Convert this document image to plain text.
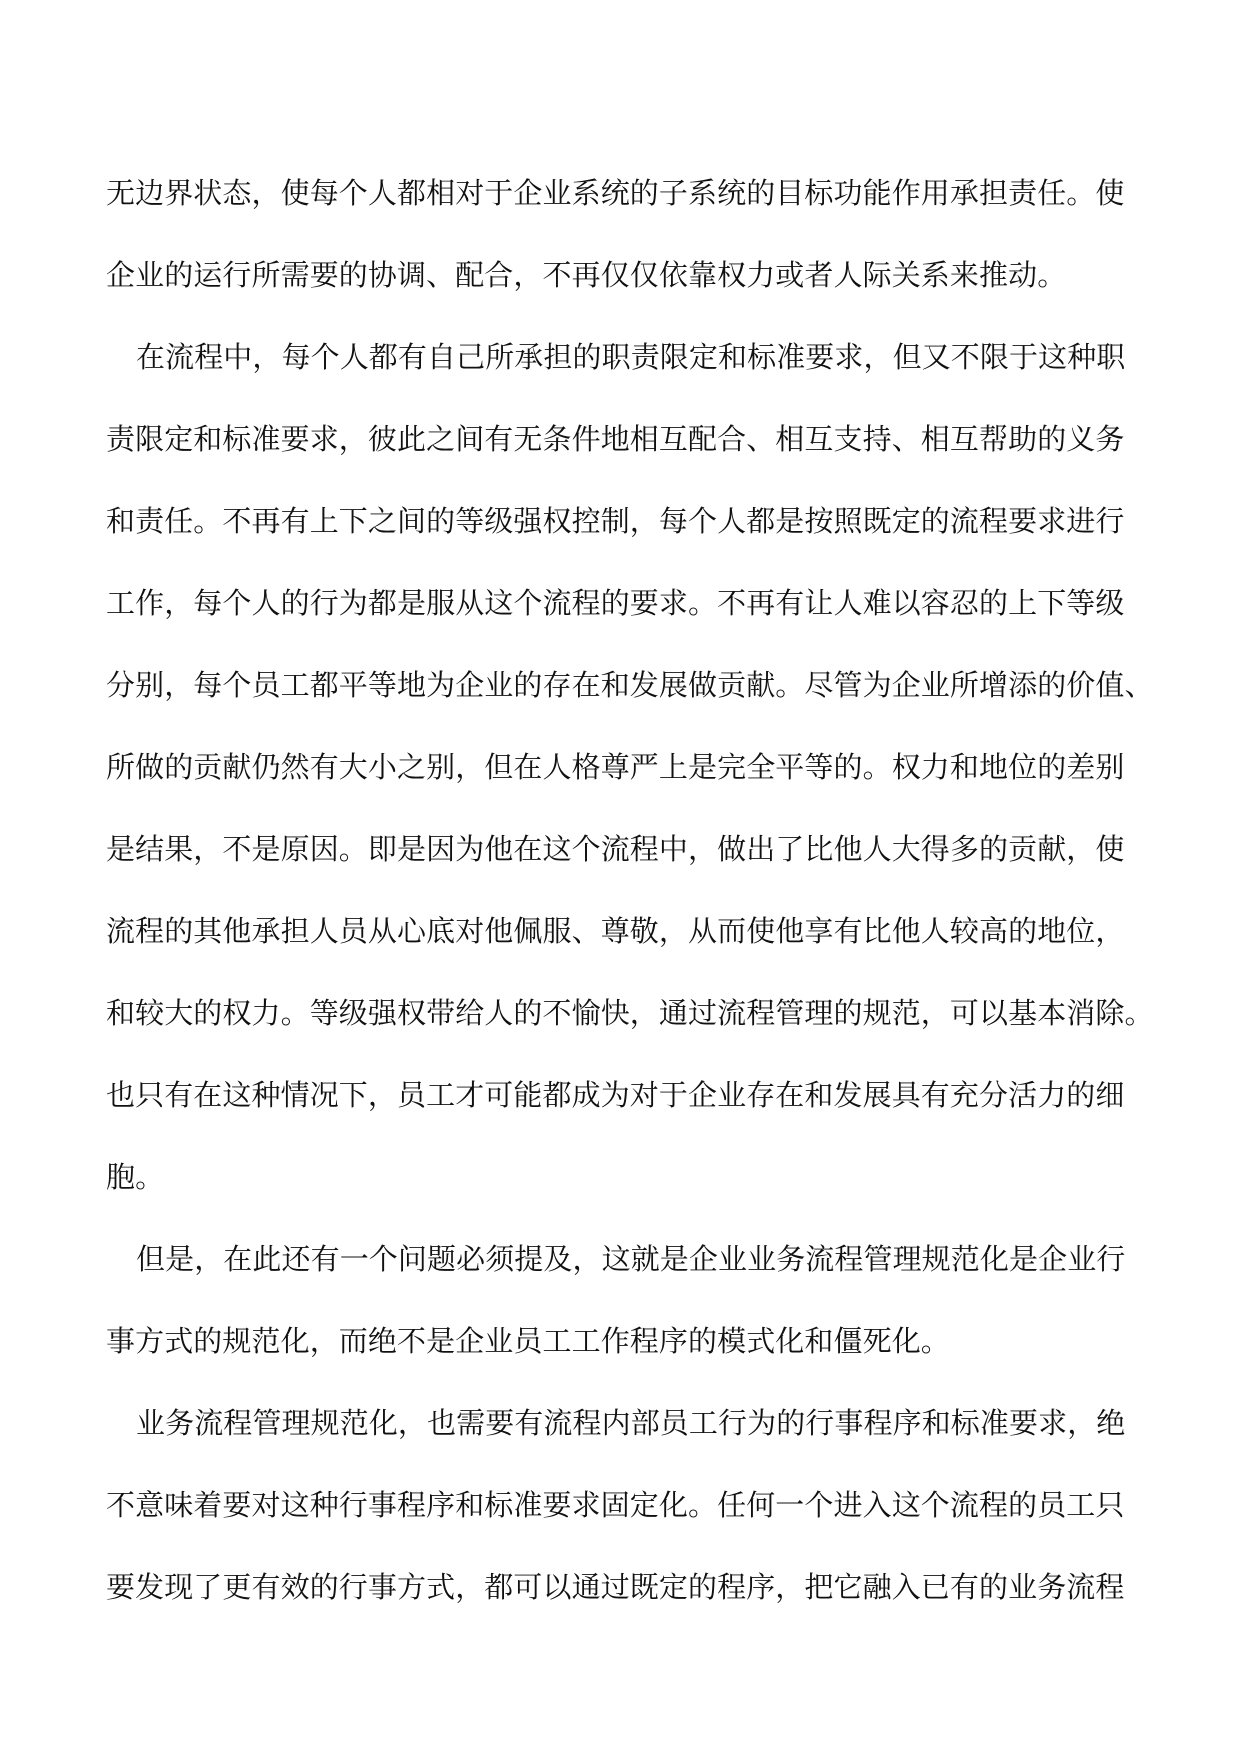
无边界状态，使每个人都相对于企业系统的子系统的目标功能作用承担责任。使
企业的运行所需要的协调、配合，不再仅仅依靠权力或者人际关系来推动。
在流程中，每个人都有自己所承担的职责限定和标准要求，但又不限于这种职
责限定和标准要求，彼此之间有无条件地相互配合、相互支持、相互帮助的义务
和责任。不再有上下之间的等级强权控制，每个人都是按照既定的流程要求进行
工作，每个人的行为都是服从这个流程的要求。不再有让人难以容忍的上下等级
分别，每个员工都平等地为企业的存在和发展做贡献。尽管为企业所增添的价值、
所做的贡献仍然有大小之别，但在人格尊严上是完全平等的。权力和地位的差别
是结果，不是原因。即是因为他在这个流程中，做出了比他人大得多的贡献，使
流程的其他承担人员从心底对他佩服、尊敬，从而使他享有比他人较高的地位，
和较大的权力。等级强权带给人的不愉快，通过流程管理的规范，可以基本消除。
也只有在这种情况下，员工才可能都成为对于企业存在和发展具有充分活力的细
胞。
但是，在此还有一个问题必须提及，这就是企业业务流程管理规范化是企业行
事方式的规范化，而绝不是企业员工工作程序的模式化和僵死化。
业务流程管理规范化，也需要有流程内部员工行为的行事程序和标准要求，绝
不意味着要对这种行事程序和标准要求固定化。任何一个进入这个流程的员工只
要发现了更有效的行事方式，都可以通过既定的程序，把它融入已有的业务流程
